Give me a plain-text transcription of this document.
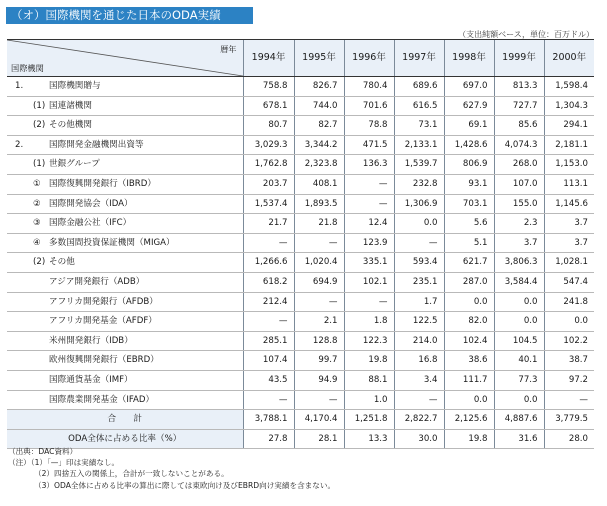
（オ）国際機関を通じた日本のODA実績
（支出純額ベース，単位：百万ドル）
暦年
国際機関	1994年	1995年	1996年	1997年	1998年	1999年	2000年

1. 国際機関贈与	758.8	826.7	780.4	689.6	697.0	813.3	1,598.4

(1) 国連諸機関	678.1	744.0	701.6	616.5	627.9	727.7	1,304.3

(2) その他機関	80.7	82.7	78.8	73.1	69.1	85.6	294.1

2. 国際開発金融機関出資等	3,029.3	3,344.2	471.5	2,133.1	1,428.6	4,074.3	2,181.1

(1) 世銀グループ	1,762.8	2,323.8	136.3	1,539.7	806.9	268.0	1,153.0

① 国際復興開発銀行（IBRD）	203.7	408.1	—	232.8	93.1	107.0	113.1

② 国際開発協会（IDA）	1,537.4	1,893.5	—	1,306.9	703.1	155.0	1,145.6

③ 国際金融公社（IFC）	21.7	21.8	12.4	0.0	5.6	2.3	3.7

④ 多数国間投資保証機関（MIGA）	—	—	123.9	—	5.1	3.7	3.7

(2) その他	1,266.6	1,020.4	335.1	593.4	621.7	3,806.3	1,028.1

アジア開発銀行（ADB）	618.2	694.9	102.1	235.1	287.0	3,584.4	547.4

アフリカ開発銀行（AFDB）	212.4	—	—	1.7	0.0	0.0	241.8

アフリカ開発基金（AFDF）	—	2.1	1.8	122.5	82.0	0.0	0.0

米州開発銀行（IDB）	285.1	128.8	122.3	214.0	102.4	104.5	102.2

欧州復興開発銀行（EBRD）	107.4	99.7	19.8	16.8	38.6	40.1	38.7

国際通貨基金（IMF）	43.5	94.9	88.1	3.4	111.7	77.3	97.2

国際農業開発基金（IFAD）	—	—	1.0	—	0.0	0.0	—
合　　計	3,788.1	4,170.4	1,251.8	2,822.7	2,125.6	4,887.6	3,779.5
ODA全体に占める比率（%）	27.8	28.1	13.3	30.0	19.8	31.6	28.0
（出典：DAC資料）
（注）（1）「—」印は実績なし。
（2）四捨五入の関係上，合計が一致しないことがある。
（3）ODA全体に占める比率の算出に際しては東欧向け及びEBRD向け実績を含まない。
